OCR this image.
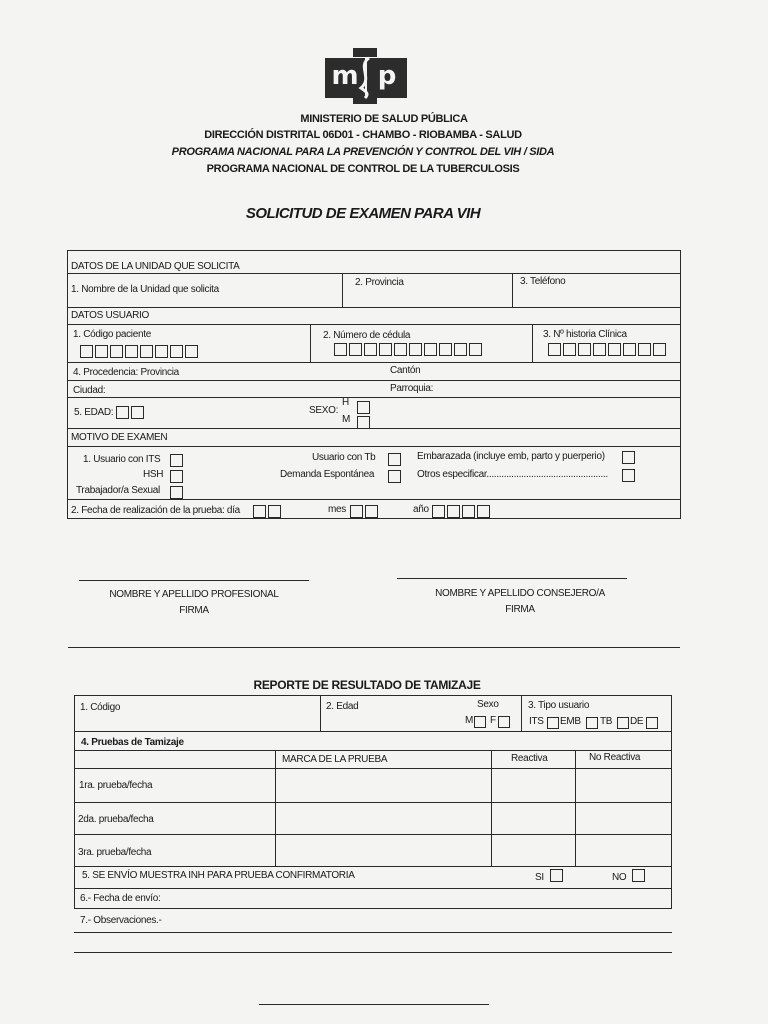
m p
MINISTERIO DE SALUD PÚBLICA
DIRECCIÓN DISTRITAL 06D01 - CHAMBO - RIOBAMBA - SALUD
PROGRAMA NACIONAL PARA LA PREVENCIÓN Y CONTROL DEL VIH / SIDA
PROGRAMA NACIONAL DE CONTROL DE LA TUBERCULOSIS
SOLICITUD DE EXAMEN PARA VIH
DATOS DE LA UNIDAD QUE SOLICITA
1. Nombre de la Unidad que solicita
2. Provincia	3. Teléfono
DATOS USUARIO
1. Código paciente	2. Número de cédula	3. Nº historia Clínica
4. Procedencia: Provincia	Cantón
Ciudad:	Parroquia:
5. EDAD:	SEXO:
H
M
MOTIVO DE EXAMEN
1. Usuario con ITS
HSH
Trabajador/a Sexual
Usuario con Tb
Demanda Espontánea
Embarazada (incluye emb, parto y puerperio)
Otros especificar.................................................
2. Fecha de realización de la prueba: día	mes	año
NOMBRE Y APELLIDO PROFESIONAL
FIRMA
NOMBRE Y APELLIDO CONSEJERO/A
FIRMA
REPORTE DE RESULTADO DE TAMIZAJE
1. Código	2. Edad	Sexo
M F
3. Tipo usuario
ITS EMB TB DE
4. Pruebas de Tamizaje
MARCA DE LA PRUEBA	Reactiva	No Reactiva
1ra. prueba/fecha
2da. prueba/fecha
3ra. prueba/fecha
5. SE ENVÍO MUESTRA INH PARA PRUEBA CONFIRMATORIA	SI	NO
6.- Fecha de envío:
7.- Observaciones.-
